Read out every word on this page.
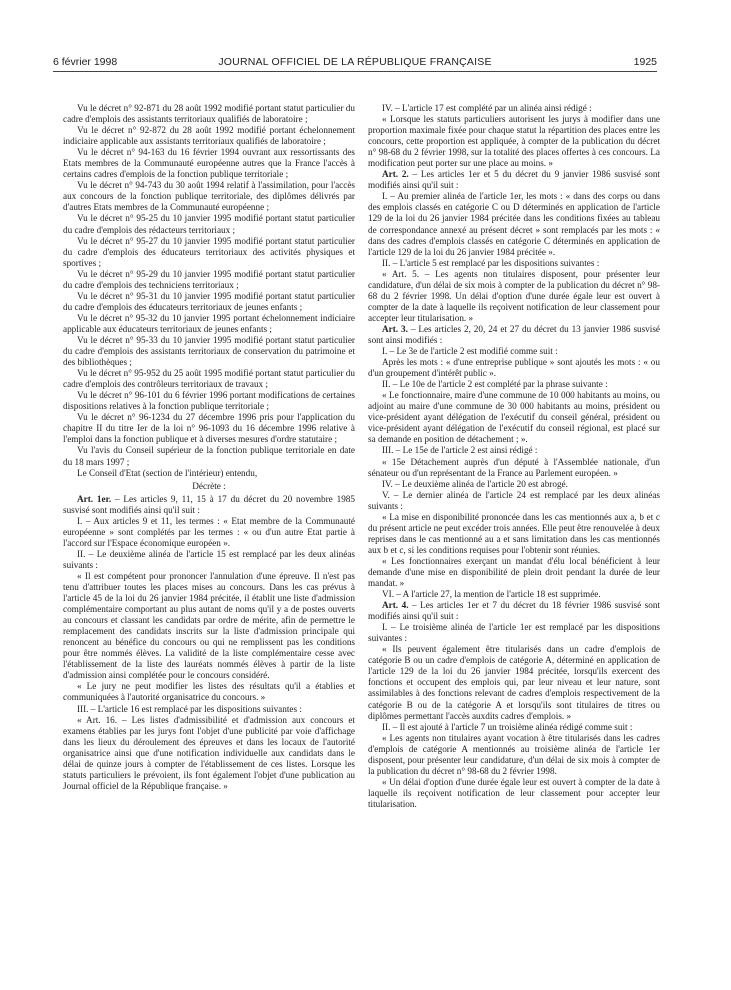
6 février 1998	JOURNAL OFFICIEL DE LA RÉPUBLIQUE FRANÇAISE	1925

Vu le décret n° 92-871 du 28 août 1992 modifié portant statut particulier du cadre d'emplois des assistants territoriaux qualifiés de laboratoire ;

Vu le décret n° 92-872 du 28 août 1992 modifié portant échelonnement indiciaire applicable aux assistants territoriaux qualifiés de laboratoire ;

Vu le décret n° 94-163 du 16 février 1994 ouvrant aux ressortissants des Etats membres de la Communauté européenne autres que la France l'accès à certains cadres d'emplois de la fonction publique territoriale ;

Vu le décret n° 94-743 du 30 août 1994 relatif à l'assimilation, pour l'accès aux concours de la fonction publique territoriale, des diplômes délivrés par d'autres Etats membres de la Communauté européenne ;

Vu le décret n° 95-25 du 10 janvier 1995 modifié portant statut particulier du cadre d'emplois des rédacteurs territoriaux ;

Vu le décret n° 95-27 du 10 janvier 1995 modifié portant statut particulier du cadre d'emplois des éducateurs territoriaux des activités physiques et sportives ;

Vu le décret n° 95-29 du 10 janvier 1995 modifié portant statut particulier du cadre d'emplois des techniciens territoriaux ;

Vu le décret n° 95-31 du 10 janvier 1995 modifié portant statut particulier du cadre d'emplois des éducateurs territoriaux de jeunes enfants ;

Vu le décret n° 95-32 du 10 janvier 1995 portant échelonnement indiciaire applicable aux éducateurs territoriaux de jeunes enfants ;

Vu le décret n° 95-33 du 10 janvier 1995 modifié portant statut particulier du cadre d'emplois des assistants territoriaux de conservation du patrimoine et des bibliothèques ;

Vu le décret n° 95-952 du 25 août 1995 modifié portant statut particulier du cadre d'emplois des contrôleurs territoriaux de travaux ;

Vu le décret n° 96-101 du 6 février 1996 portant modifications de certaines dispositions relatives à la fonction publique territoriale ;

Vu le décret n° 96-1234 du 27 décembre 1996 pris pour l'application du chapitre II du titre Ier de la loi n° 96-1093 du 16 décembre 1996 relative à l'emploi dans la fonction publique et à diverses mesures d'ordre statutaire ;

Vu l'avis du Conseil supérieur de la fonction publique territoriale en date du 18 mars 1997 ;

Le Conseil d'Etat (section de l'intérieur) entendu,

Décrète :

Art. 1er. – Les articles 9, 11, 15 à 17 du décret du 20 novembre 1985 susvisé sont modifiés ainsi qu'il suit :

I. – Aux articles 9 et 11, les termes : « Etat membre de la Communauté européenne » sont complétés par les termes : « ou d'un autre Etat partie à l'accord sur l'Espace économique européen ».

II. – Le deuxième alinéa de l'article 15 est remplacé par les deux alinéas suivants :

« Il est compétent pour prononcer l'annulation d'une épreuve. Il n'est pas tenu d'attribuer toutes les places mises au concours. Dans les cas prévus à l'article 45 de la loi du 26 janvier 1984 précitée, il établit une liste d'admission complémentaire comportant au plus autant de noms qu'il y a de postes ouverts au concours et classant les candidats par ordre de mérite, afin de permettre le remplacement des candidats inscrits sur la liste d'admission principale qui renoncent au bénéfice du concours ou qui ne remplissent pas les conditions pour être nommés élèves. La validité de la liste complémentaire cesse avec l'établissement de la liste des lauréats nommés élèves à partir de la liste d'admission ainsi complétée pour le concours considéré.

« Le jury ne peut modifier les listes des résultats qu'il a établies et communiquées à l'autorité organisatrice du concours. »

III. – L'article 16 est remplacé par les dispositions suivantes :

« Art. 16. – Les listes d'admissibilité et d'admission aux concours et examens établies par les jurys font l'objet d'une publicité par voie d'affichage dans les lieux du déroulement des épreuves et dans les locaux de l'autorité organisatrice ainsi que d'une notification individuelle aux candidats dans le délai de quinze jours à compter de l'établissement de ces listes. Lorsque les statuts particuliers le prévoient, ils font également l'objet d'une publication au Journal officiel de la République française. »

IV. – L'article 17 est complété par un alinéa ainsi rédigé :

« Lorsque les statuts particuliers autorisent les jurys à modifier dans une proportion maximale fixée pour chaque statut la répartition des places entre les concours, cette proportion est appliquée, à compter de la publication du décret n° 98-68 du 2 février 1998, sur la totalité des places offertes à ces concours. La modification peut porter sur une place au moins. »

Art. 2. – Les articles 1er et 5 du décret du 9 janvier 1986 susvisé sont modifiés ainsi qu'il suit :

I. – Au premier alinéa de l'article 1er, les mots : « dans des corps ou dans des emplois classés en catégorie C ou D déterminés en application de l'article 129 de la loi du 26 janvier 1984 précitée dans les conditions fixées au tableau de correspondance annexé au présent décret » sont remplacés par les mots : « dans des cadres d'emplois classés en catégorie C déterminés en application de l'article 129 de la loi du 26 janvier 1984 précitée ».

II. – L'article 5 est remplacé par les dispositions suivantes :

« Art. 5. – Les agents non titulaires disposent, pour présenter leur candidature, d'un délai de six mois à compter de la publication du décret n° 98-68 du 2 février 1998. Un délai d'option d'une durée égale leur est ouvert à compter de la date à laquelle ils reçoivent notification de leur classement pour accepter leur titularisation. »

Art. 3. – Les articles 2, 20, 24 et 27 du décret du 13 janvier 1986 susvisé sont ainsi modifiés :

I. – Le 3e de l'article 2 est modifié comme suit :

Après les mots : « d'une entreprise publique » sont ajoutés les mots : « ou d'un groupement d'intérêt public ».

II. – Le 10e de l'article 2 est complété par la phrase suivante :

« Le fonctionnaire, maire d'une commune de 10 000 habitants au moins, ou adjoint au maire d'une commune de 30 000 habitants au moins, président ou vice-président ayant délégation de l'exécutif du conseil général, président ou vice-président ayant délégation de l'exécutif du conseil régional, est placé sur sa demande en position de détachement ; ».

III. – Le 15e de l'article 2 est ainsi rédigé :

« 15e Détachement auprès d'un député à l'Assemblée nationale, d'un sénateur ou d'un représentant de la France au Parlement européen. »

IV. – Le deuxième alinéa de l'article 20 est abrogé.

V. – Le dernier alinéa de l'article 24 est remplacé par les deux alinéas suivants :

« La mise en disponibilité prononcée dans les cas mentionnés aux a, b et c du présent article ne peut excéder trois années. Elle peut être renouvelée à deux reprises dans le cas mentionné au a et sans limitation dans les cas mentionnés aux b et c, si les conditions requises pour l'obtenir sont réunies.

« Les fonctionnaires exerçant un mandat d'élu local bénéficient à leur demande d'une mise en disponibilité de plein droit pendant la durée de leur mandat. »

VI. – A l'article 27, la mention de l'article 18 est supprimée.

Art. 4. – Les articles 1er et 7 du décret du 18 février 1986 susvisé sont modifiés ainsi qu'il suit :

I. – Le troisième alinéa de l'article 1er est remplacé par les dispositions suivantes :

« Ils peuvent également être titularisés dans un cadre d'emplois de catégorie B ou un cadre d'emplois de catégorie A, déterminé en application de l'article 129 de la loi du 26 janvier 1984 précitée, lorsqu'ils exercent des fonctions et occupent des emplois qui, par leur niveau et leur nature, sont assimilables à des fonctions relevant de cadres d'emplois respectivement de la catégorie B ou de la catégorie A et lorsqu'ils sont titulaires de titres ou diplômes permettant l'accès auxdits cadres d'emplois. »

II. – Il est ajouté à l'article 7 un troisième alinéa rédigé comme suit :

« Les agents non titulaires ayant vocation à être titularisés dans les cadres d'emplois de catégorie A mentionnés au troisième alinéa de l'article 1er disposent, pour présenter leur candidature, d'un délai de six mois à compter de la publication du décret n° 98-68 du 2 février 1998.

« Un délai d'option d'une durée égale leur est ouvert à compter de la date à laquelle ils reçoivent notification de leur classement pour accepter leur titularisation.
